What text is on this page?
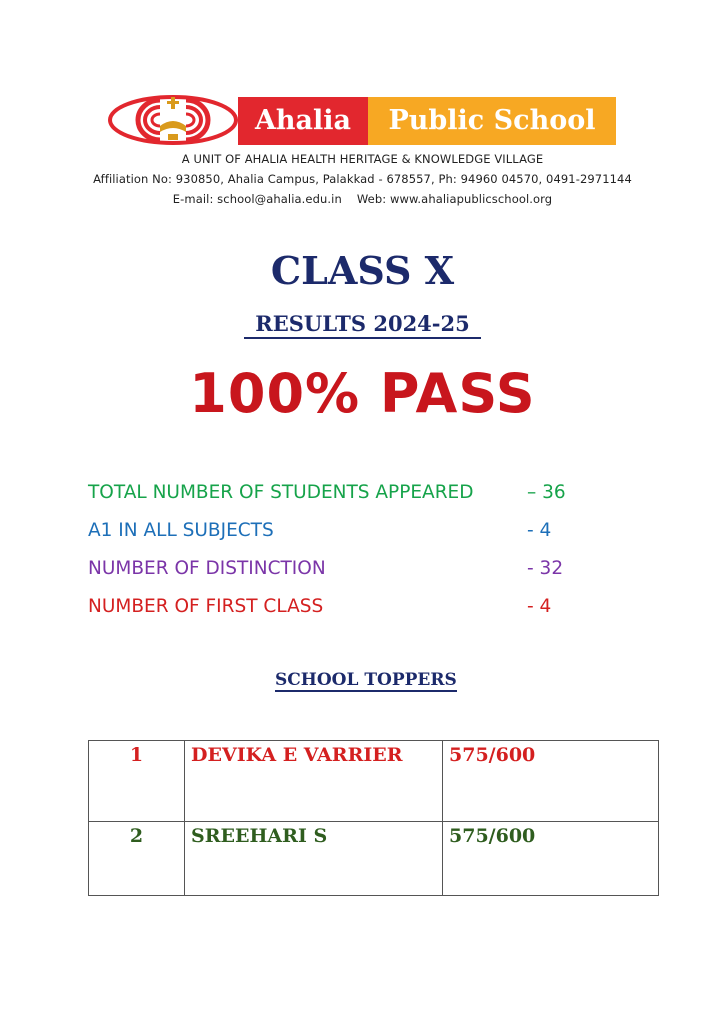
Ahalia	Public School
A UNIT OF AHALIA HEALTH HERITAGE & KNOWLEDGE VILLAGE
Affiliation No: 930850, Ahalia Campus, Palakkad - 678557, Ph: 94960 04570, 0491-2971144
E-mail: school@ahalia.edu.in    Web: www.ahaliapublicschool.org
CLASS X
RESULTS 2024-25
100% PASS
TOTAL NUMBER OF STUDENTS APPEARED	– 36
A1 IN ALL SUBJECTS	- 4
NUMBER OF DISTINCTION	- 32
NUMBER OF FIRST CLASS	- 4
SCHOOL TOPPERS
1	DEVIKA E VARRIER	575/600
2	SREEHARI S	575/600
